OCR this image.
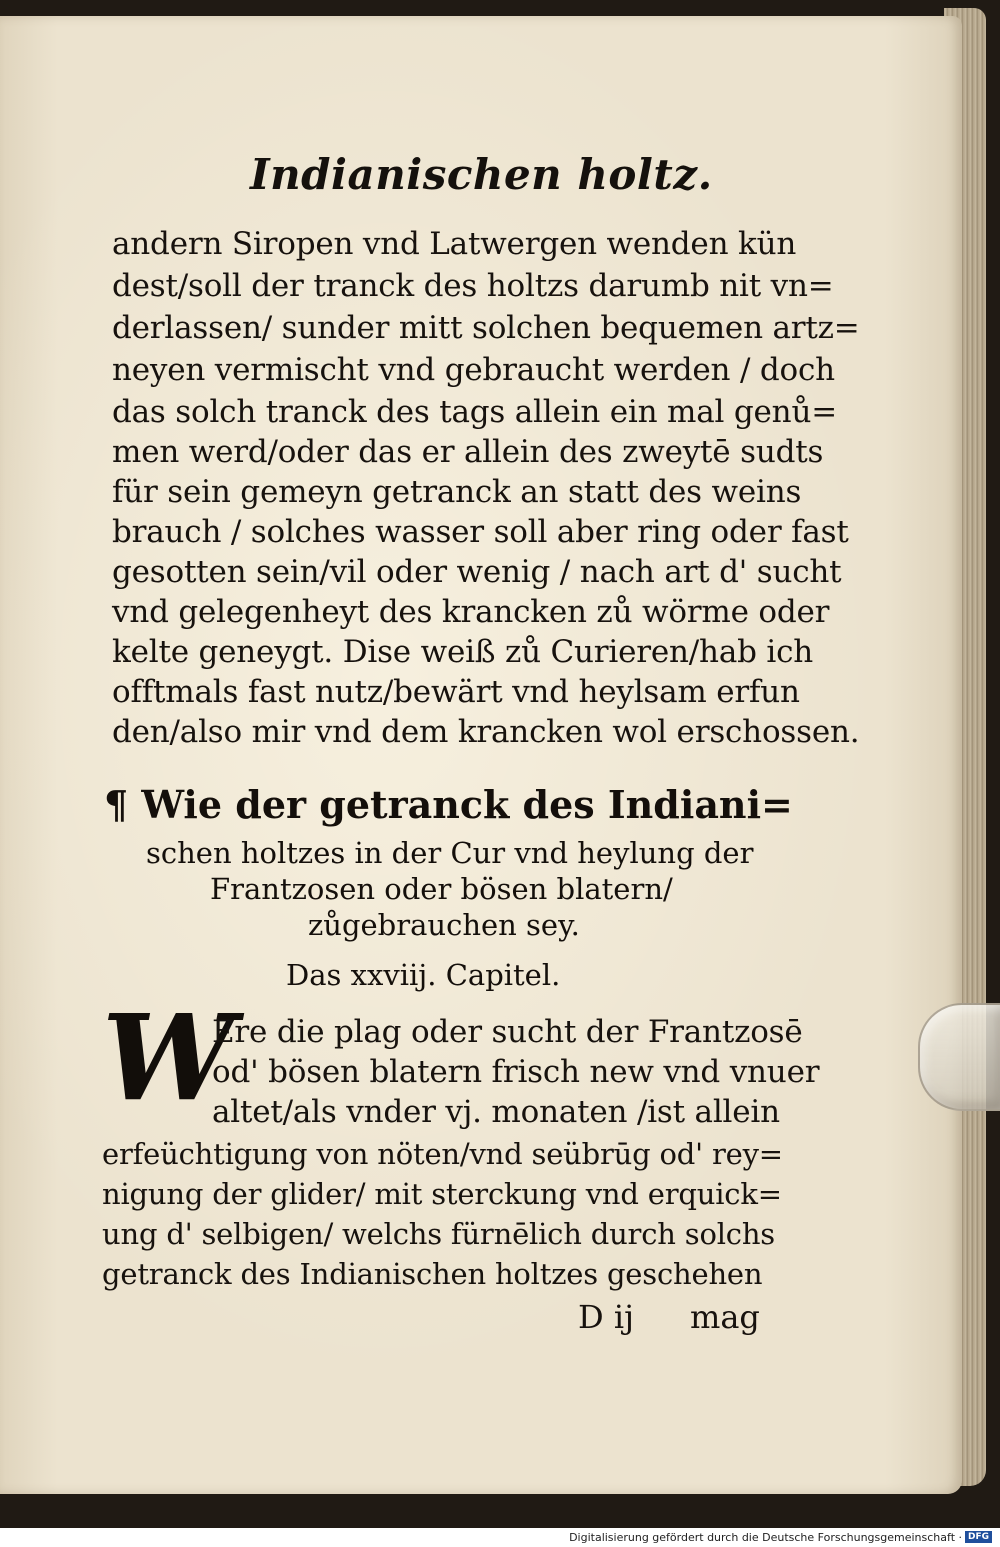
Indianischen holtz.
andern Siropen vnd Latwergen wenden kün
dest/soll der tranck des holtzs darumb nit vn=
derlassen/ sunder mitt solchen bequemen artz=
neyen vermischt vnd gebraucht werden / doch
das solch tranck des tags allein ein mal genů=
men werd/oder das er allein des zweytē sudts
für sein gemeyn getranck an statt des weins
brauch / solches wasser soll aber ring oder fast
gesotten sein/vil oder wenig / nach art d' sucht
vnd gelegenheyt des krancken zů wörme oder
kelte geneygt. Dise weiß zů Curieren/hab ich
offtmals fast nutz/bewärt vnd heylsam erfun
den/also mir vnd dem krancken wol erschossen.
¶ Wie der getranck des Indiani=
schen holtzes in der Cur vnd heylung der
Frantzosen oder bösen blatern/
zůgebrauchen sey.
Das xxviij. Capitel.
W
Ere die plag oder sucht der Frantzosē
od' bösen blatern frisch new vnd vnuer
altet/als vnder vj. monaten /ist allein
erfeüchtigung von nöten/vnd seübrūg od' rey=
nigung der glider/ mit sterckung vnd erquick=
ung d' selbigen/ welchs fürnēlich durch solchs
getranck des Indianischen holtzes geschehen
D ij mag
Digitalisierung gefördert durch die Deutsche Forschungsgemeinschaft · DFG
